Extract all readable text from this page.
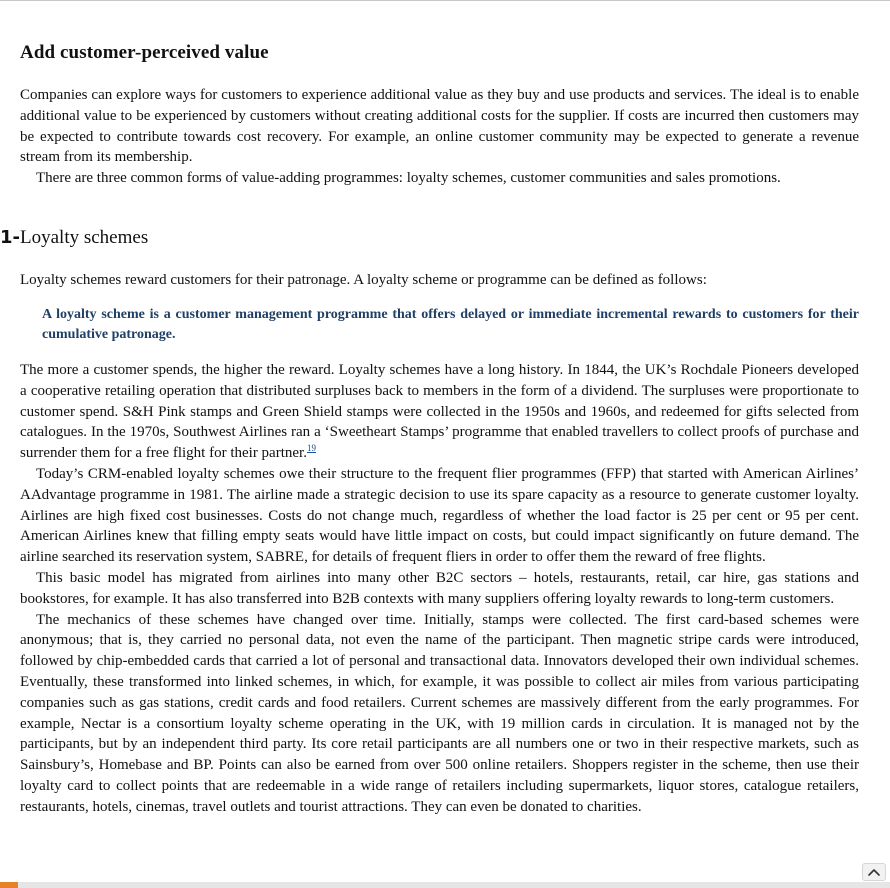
Add customer-perceived value

Companies can explore ways for customers to experience additional value as they buy and use products and services. The ideal is to enable additional value to be experienced by customers without creating additional costs for the supplier. If costs are incurred then customers may be expected to contribute towards cost recovery. For example, an online customer community may be expected to generate a revenue stream from its membership.

There are three common forms of value-adding programmes: loyalty schemes, customer communities and sales promotions.

1-Loyalty schemes

Loyalty schemes reward customers for their patronage. A loyalty scheme or programme can be defined as follows:

A loyalty scheme is a customer management programme that offers delayed or immediate incremental rewards to customers for their cumulative patronage.

The more a customer spends, the higher the reward. Loyalty schemes have a long history. In 1844, the UK’s Rochdale Pioneers developed a cooperative retailing operation that distributed surpluses back to members in the form of a dividend. The surpluses were proportionate to customer spend. S&H Pink stamps and Green Shield stamps were collected in the 1950s and 1960s, and redeemed for gifts selected from catalogues. In the 1970s, Southwest Airlines ran a ‘Sweetheart Stamps’ programme that enabled travellers to collect proofs of purchase and surrender them for a free flight for their partner.$^{19}$

Today’s CRM-enabled loyalty schemes owe their structure to the frequent flier programmes (FFP) that started with American Airlines’ AAdvantage programme in 1981. The airline made a strategic decision to use its spare capacity as a resource to generate customer loyalty. Airlines are high fixed cost businesses. Costs do not change much, regardless of whether the load factor is 25 per cent or 95 per cent. American Airlines knew that filling empty seats would have little impact on costs, but could impact significantly on future demand. The airline searched its reservation system, SABRE, for details of frequent fliers in order to offer them the reward of free flights.

This basic model has migrated from airlines into many other B2C sectors – hotels, restaurants, retail, car hire, gas stations and bookstores, for example. It has also transferred into B2B contexts with many suppliers offering loyalty rewards to long-term customers.

The mechanics of these schemes have changed over time. Initially, stamps were collected. The first card-based schemes were anonymous; that is, they carried no personal data, not even the name of the participant. Then magnetic stripe cards were introduced, followed by chip-embedded cards that carried a lot of personal and transactional data. Innovators developed their own individual schemes. Eventually, these transformed into linked schemes, in which, for example, it was possible to collect air miles from various participating companies such as gas stations, credit cards and food retailers. Current schemes are massively different from the early programmes. For example, Nectar is a consortium loyalty scheme operating in the UK, with 19 million cards in circulation. It is managed not by the participants, but by an independent third party. Its core retail participants are all numbers one or two in their respective markets, such as Sainsbury’s, Homebase and BP. Points can also be earned from over 500 online retailers. Shoppers register in the scheme, then use their loyalty card to collect points that are redeemable in a wide range of retailers including supermarkets, liquor stores, catalogue retailers, restaurants, hotels, cinemas, travel outlets and tourist attractions. They can even be donated to charities.
